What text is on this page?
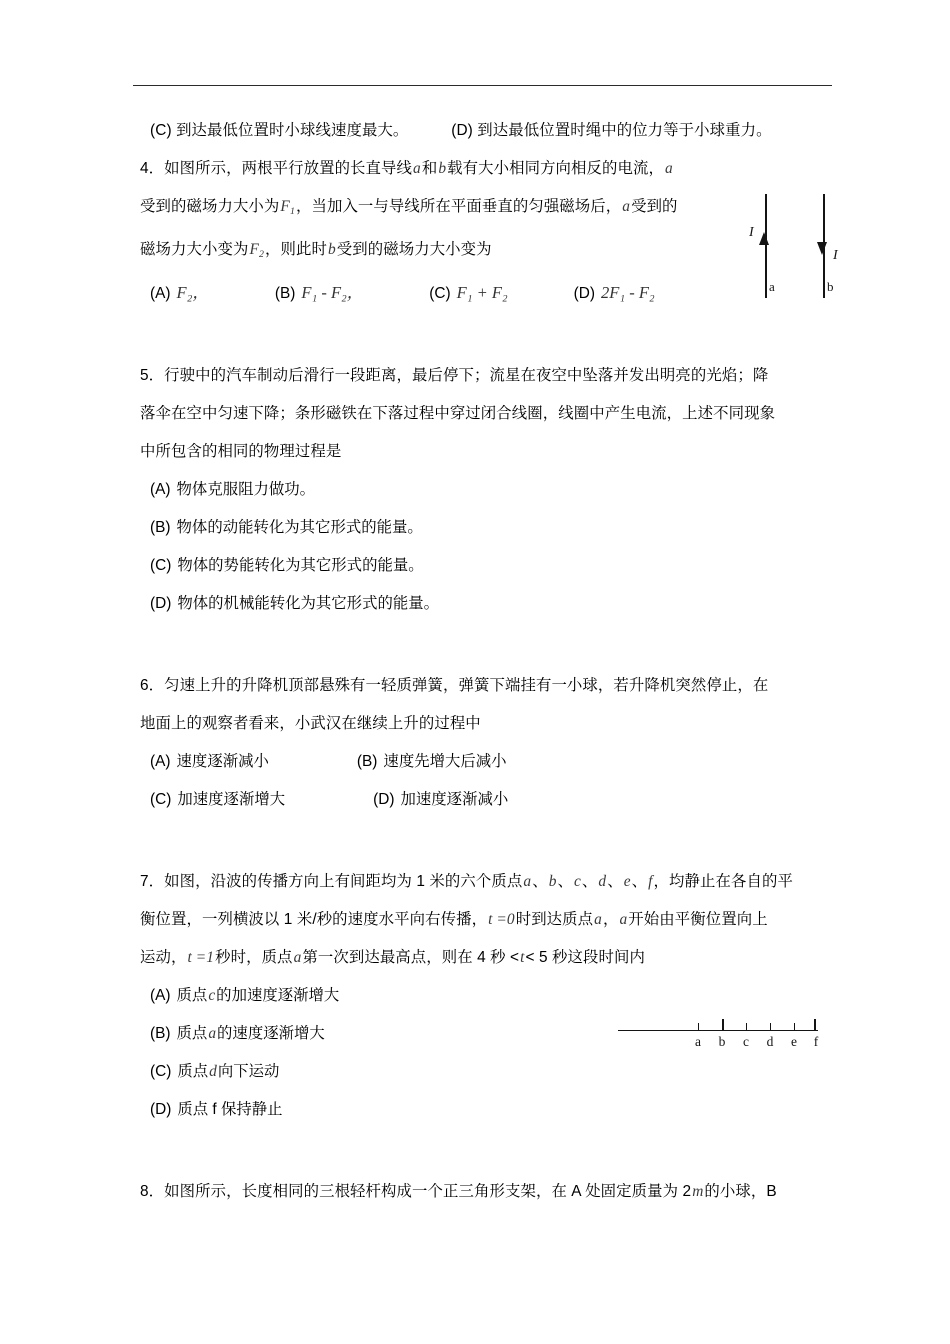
(C) 到达最低位置时小球线速度最大。	(D) 到达最低位置时绳中的位力等于小球重力。
4．如图所示，两根平行放置的长直导线a和b载有大小相同方向相反的电流，a
受到的磁场力大小为$F_1$，当加入一与导线所在平面垂直的匀强磁场后，a受到的
磁场力大小变为$F_2$，则此时b受到的磁场力大小变为
(A) F₂，	(B) F₁ - F₂，	(C) F₁ + F₂	(D) 2F₁ - F₂
5．行驶中的汽车制动后滑行一段距离，最后停下；流星在夜空中坠落并发出明亮的光焰；降
落伞在空中匀速下降；条形磁铁在下落过程中穿过闭合线圈，线圈中产生电流，上述不同现象
中所包含的相同的物理过程是
(A) 物体克服阻力做功。
(B) 物体的动能转化为其它形式的能量。
(C) 物体的势能转化为其它形式的能量。
(D) 物体的机械能转化为其它形式的能量。
6．匀速上升的升降机顶部悬殊有一轻质弹簧，弹簧下端挂有一小球，若升降机突然停止，在
地面上的观察者看来，小武汉在继续上升的过程中
(A) 速度逐渐减小	(B) 速度先增大后减小
(C) 加速度逐渐增大	(D) 加速度逐渐减小
7．如图，沿波的传播方向上有间距均为 1 米的六个质点a、b、c、d、e、f，均静止在各自的平
衡位置，一列横波以 1 米/秒的速度水平向右传播，t =0时到达质点a，a开始由平衡位置向上
运动，t =1秒时，质点a第一次到达最高点，则在 4 秒 <t< 5 秒这段时间内
(A) 质点c的加速度逐渐增大
(B) 质点a的速度逐渐增大
(C) 质点d向下运动
(D) 质点 f 保持静止
8．如图所示，长度相同的三根轻杆构成一个正三角形支架，在 A 处固定质量为 2m的小球，B
I
I
a	b
a b c d e f
